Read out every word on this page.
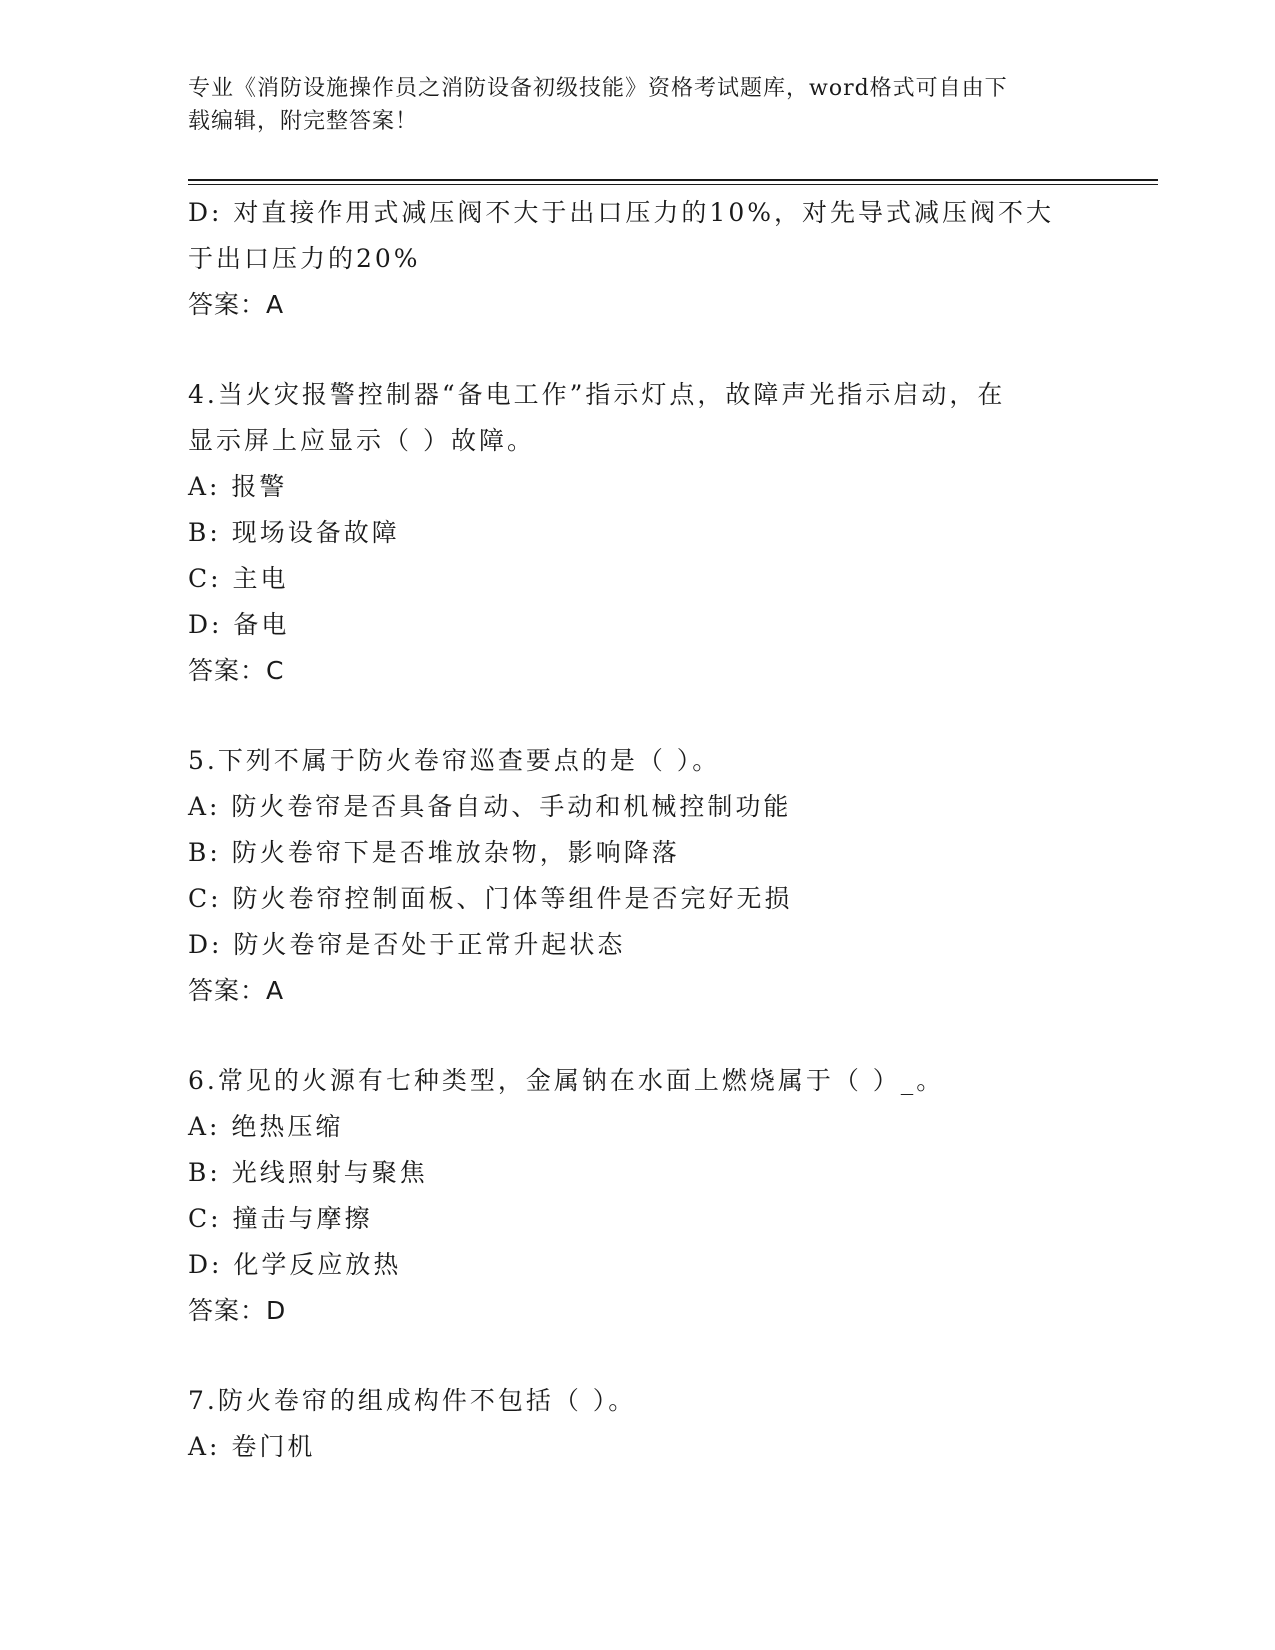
专业《消防设施操作员之消防设备初级技能》资格考试题库，word格式可自由下
载编辑，附完整答案！
D: 对直接作用式减压阀不大于出口压力的10%，对先导式减压阀不大
于出口压力的20%
答案：A
4.当火灾报警控制器“备电工作”指示灯点，故障声光指示启动，在
显示屏上应显示（ ）故障。
A: 报警
B: 现场设备故障
C: 主电
D: 备电
答案：C
5.下列不属于防火卷帘巡查要点的是（ ）。
A: 防火卷帘是否具备自动、手动和机械控制功能
B: 防火卷帘下是否堆放杂物，影响降落
C: 防火卷帘控制面板、门体等组件是否完好无损
D: 防火卷帘是否处于正常升起状态
答案：A
6.常见的火源有七种类型，金属钠在水面上燃烧属于（ ）_。
A: 绝热压缩
B: 光线照射与聚焦
C: 撞击与摩擦
D: 化学反应放热
答案：D
7.防火卷帘的组成构件不包括（ ）。
A: 卷门机
